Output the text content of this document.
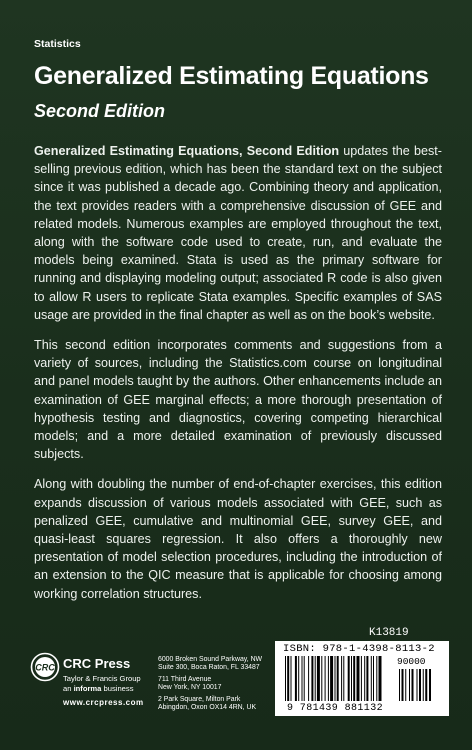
Statistics
Generalized Estimating Equations
Second Edition

Generalized Estimating Equations, Second Edition updates the best-selling previous edition, which has been the standard text on the subject since it was published a decade ago. Combining theory and application, the text provides readers with a comprehensive discussion of GEE and related models. Numerous examples are employed throughout the text, along with the software code used to create, run, and evaluate the models being examined. Stata is used as the primary software for running and displaying modeling output; associated R code is also given to allow R users to replicate Stata examples. Specific examples of SAS usage are provided in the final chapter as well as on the book’s website.

This second edition incorporates comments and suggestions from a variety of sources, including the Statistics.com course on longitudinal and panel models taught by the authors. Other enhancements include an examination of GEE marginal effects; a more thorough presentation of hypothesis testing and diagnostics, covering competing hierarchical models; and a more detailed examination of previously discussed subjects.

Along with doubling the number of end-of-chapter exercises, this edition expands discussion of various models associated with GEE, such as penalized GEE, cumulative and multinomial GEE, survey GEE, and quasi-least squares regression. It also offers a thoroughly new presentation of model selection procedures, including the introduction of an extension to the QIC measure that is applicable for choosing among working correlation structures.

K13819
ISBN: 978-1-4398-8113-2
90000
9 781439 881132
CRC CRC Press
Taylor & Francis Group
an informa business
www.crcpress.com
6000 Broken Sound Parkway, NW
Suite 300, Boca Raton, FL 33487
711 Third Avenue
New York, NY 10017
2 Park Square, Milton Park
Abingdon, Oxon OX14 4RN, UK
